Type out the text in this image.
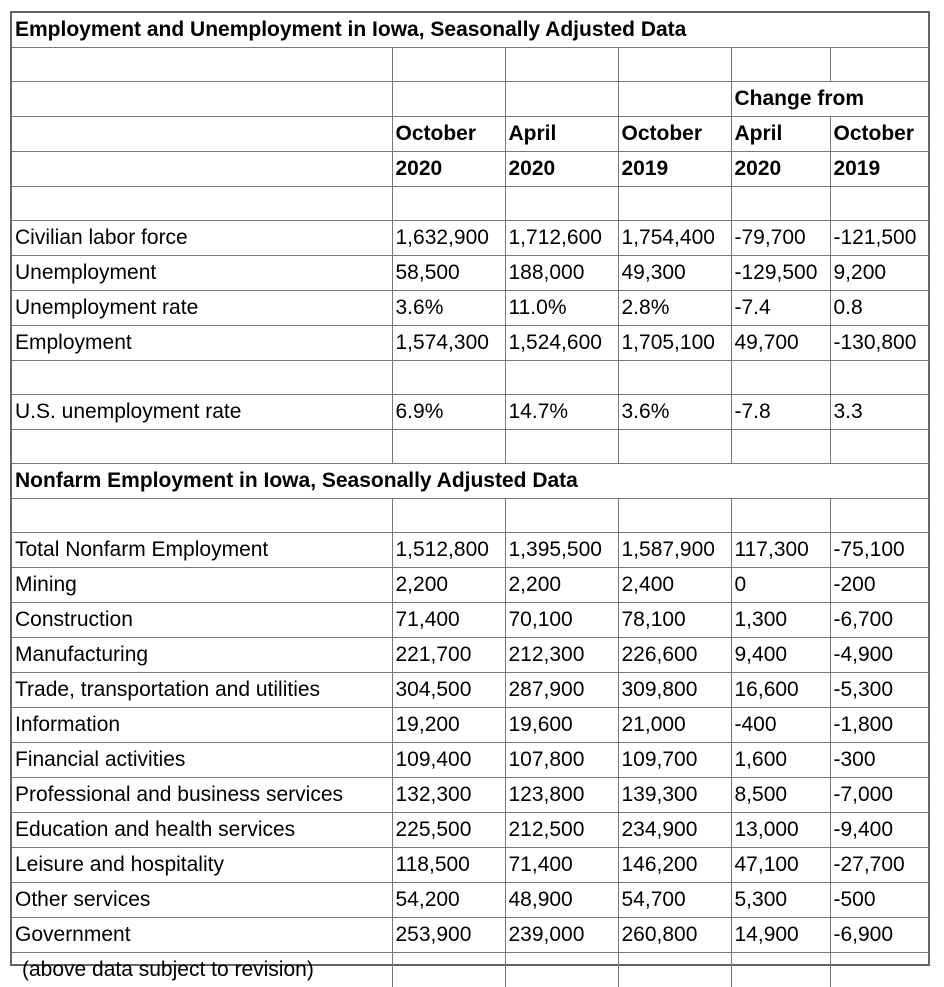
Employment and Unemployment in Iowa, Seasonally Adjusted Data					

				Change from	
	October	April	October	April	October
	2020	2020	2019	2020	2019

Civilian labor force	1,632,900	1,712,600	1,754,400	-79,700	-121,500
Unemployment	58,500	188,000	49,300	-129,500	9,200
Unemployment rate	3.6%	11.0%	2.8%	-7.4	0.8
Employment	1,574,300	1,524,600	1,705,100	49,700	-130,800

U.S. unemployment rate	6.9%	14.7%	3.6%	-7.8	3.3

Nonfarm Employment in Iowa, Seasonally Adjusted Data					

Total Nonfarm Employment	1,512,800	1,395,500	1,587,900	117,300	-75,100
Mining	2,200	2,200	2,400	0	-200
Construction	71,400	70,100	78,100	1,300	-6,700
Manufacturing	221,700	212,300	226,600	9,400	-4,900
Trade, transportation and utilities	304,500	287,900	309,800	16,600	-5,300
Information	19,200	19,600	21,000	-400	-1,800
Financial activities	109,400	107,800	109,700	1,600	-300
Professional and business services	132,300	123,800	139,300	8,500	-7,000
Education and health services	225,500	212,500	234,900	13,000	-9,400
Leisure and hospitality	118,500	71,400	146,200	47,100	-27,700
Other services	54,200	48,900	54,700	5,300	-500
Government	253,900	239,000	260,800	14,900	-6,900
(above data subject to revision)					
